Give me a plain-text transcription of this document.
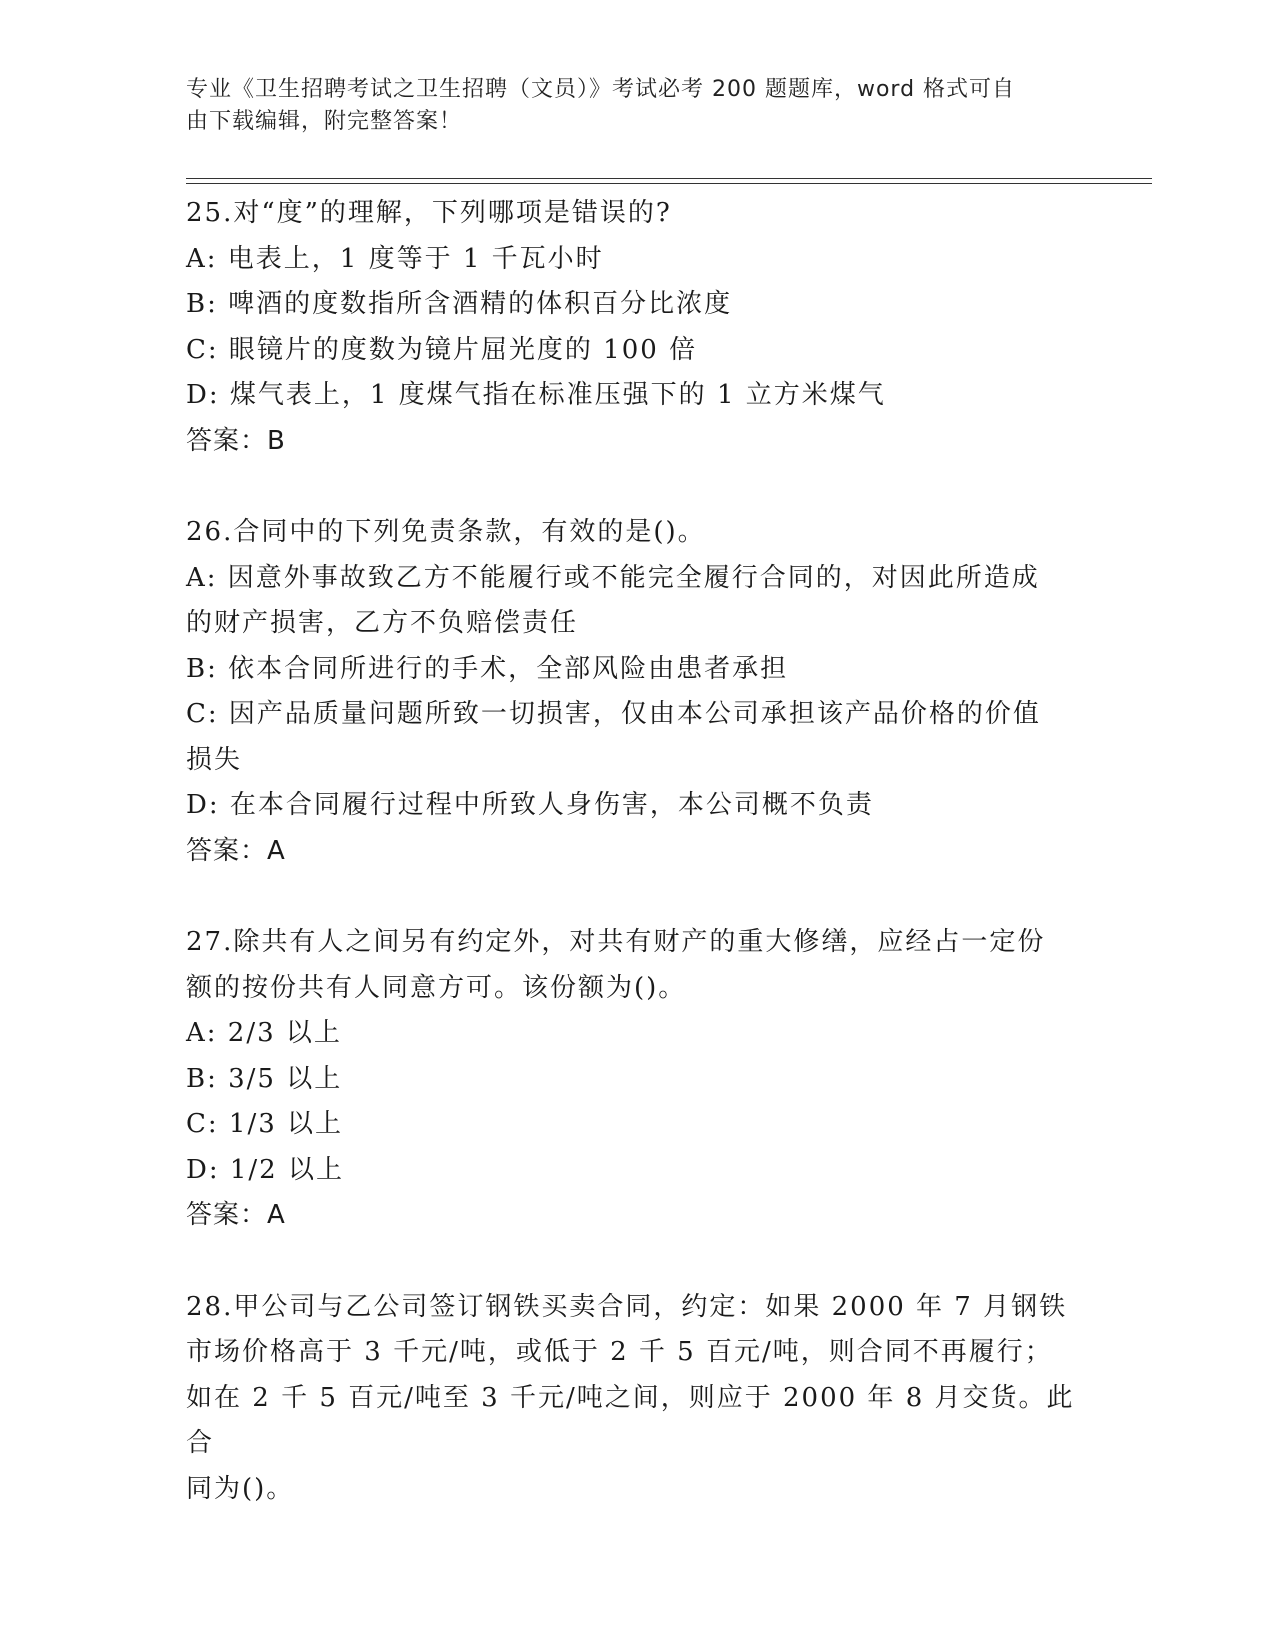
专业《卫生招聘考试之卫生招聘（文员）》考试必考 200 题题库，word 格式可自
由下载编辑，附完整答案！
25.对“度”的理解，下列哪项是错误的?
A: 电表上，1 度等于 1 千瓦小时
B: 啤酒的度数指所含酒精的体积百分比浓度
C: 眼镜片的度数为镜片屈光度的 100 倍
D: 煤气表上，1 度煤气指在标准压强下的 1 立方米煤气
答案：B
26.合同中的下列免责条款，有效的是()。
A: 因意外事故致乙方不能履行或不能完全履行合同的，对因此所造成
的财产损害，乙方不负赔偿责任
B: 依本合同所进行的手术，全部风险由患者承担
C: 因产品质量问题所致一切损害，仅由本公司承担该产品价格的价值
损失
D: 在本合同履行过程中所致人身伤害，本公司概不负责
答案：A
27.除共有人之间另有约定外，对共有财产的重大修缮，应经占一定份
额的按份共有人同意方可。该份额为()。
A: 2/3 以上
B: 3/5 以上
C: 1/3 以上
D: 1/2 以上
答案：A
28.甲公司与乙公司签订钢铁买卖合同，约定：如果 2000 年 7 月钢铁
市场价格高于 3 千元/吨，或低于 2 千 5 百元/吨，则合同不再履行；
如在 2 千 5 百元/吨至 3 千元/吨之间，则应于 2000 年 8 月交货。此合
同为()。
